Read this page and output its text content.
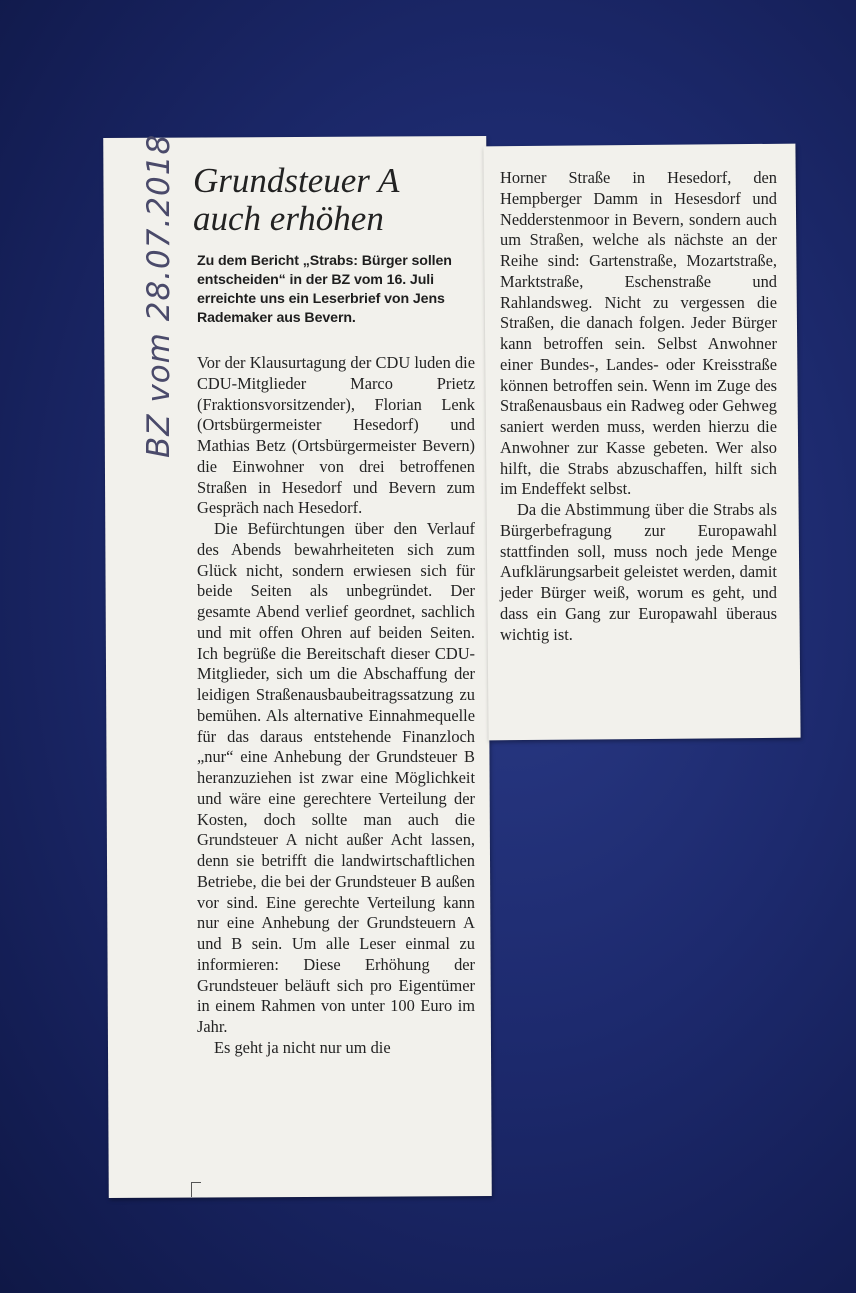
BZ vom 28.07.2018 Grundsteuer A
auch erhöhen
Zu dem Bericht „Strabs: Bürger sollen entscheiden“ in der BZ vom 16. Juli erreichte uns ein Leserbrief von Jens Rademaker aus Bevern.

Vor der Klausurtagung der CDU luden die CDU-Mitglieder Marco Prietz (Fraktionsvorsitzender), Florian Lenk (Ortsbürgermeister Hesedorf) und Mathias Betz (Ortsbürgermeister Bevern) die Einwohner von drei betroffenen Straßen in Hesedorf und Bevern zum Gespräch nach Hesedorf.

Die Befürchtungen über den Verlauf des Abends bewahrheiteten sich zum Glück nicht, sondern erwiesen sich für beide Seiten als unbegründet. Der gesamte Abend verlief geordnet, sachlich und mit offen Ohren auf beiden Seiten. Ich begrüße die Bereitschaft dieser CDU-Mitglieder, sich um die Abschaffung der leidigen Straßenausbaubeitragssatzung zu bemühen. Als alternative Einnahmequelle für das daraus entstehende Finanzloch „nur“ eine Anhebung der Grundsteuer B heranzuziehen ist zwar eine Möglichkeit und wäre eine gerechtere Verteilung der Kosten, doch sollte man auch die Grundsteuer A nicht außer Acht lassen, denn sie betrifft die landwirtschaftlichen Betriebe, die bei der Grundsteuer B außen vor sind. Eine gerechte Verteilung kann nur eine Anhebung der Grundsteuern A und B sein. Um alle Leser einmal zu informieren: Diese Erhöhung der Grundsteuer beläuft sich pro Eigentümer in einem Rahmen von unter 100 Euro im Jahr.

Es geht ja nicht nur um die

Horner Straße in Hesedorf, den Hempberger Damm in Hesesdorf und Nedderstenmoor in Bevern, sondern auch um Straßen, welche als nächste an der Reihe sind: Gartenstraße, Mozartstraße, Marktstraße, Eschenstraße und Rahlandsweg. Nicht zu vergessen die Straßen, die danach folgen. Jeder Bürger kann betroffen sein. Selbst Anwohner einer Bundes-, Landes- oder Kreisstraße können betroffen sein. Wenn im Zuge des Straßenausbaus ein Radweg oder Gehweg saniert werden muss, werden hierzu die Anwohner zur Kasse gebeten. Wer also hilft, die Strabs abzuschaffen, hilft sich im Endeffekt selbst.

Da die Abstimmung über die Strabs als Bürgerbefragung zur Europawahl stattfinden soll, muss noch jede Menge Aufklärungsarbeit geleistet werden, damit jeder Bürger weiß, worum es geht, und dass ein Gang zur Europawahl überaus wichtig ist.
